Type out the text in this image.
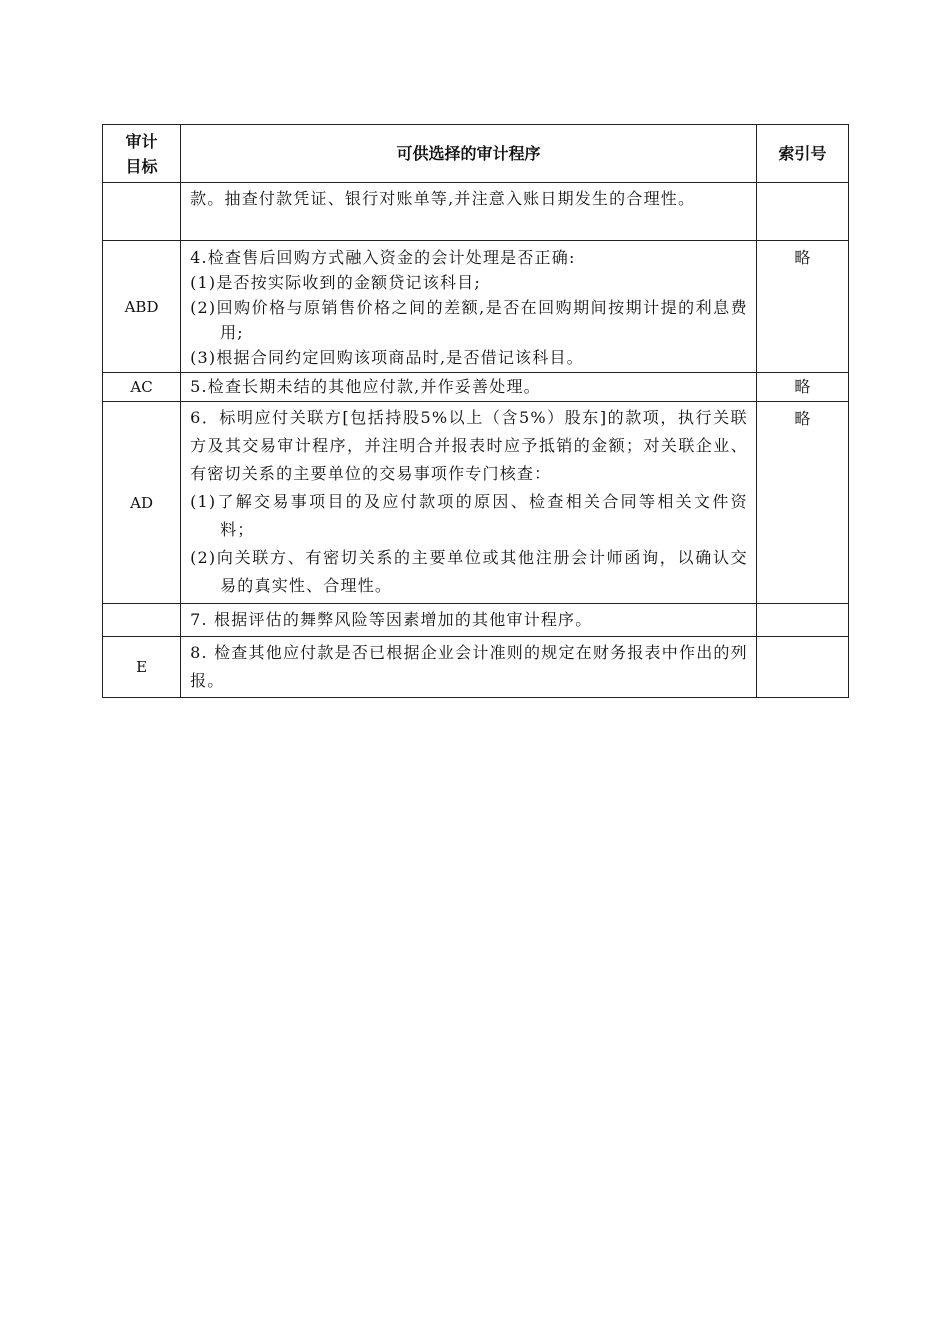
审计
目标	可供选择的审计程序	索引号

	款。抽查付款凭证、银行对账单等,并注意入账日期发生的合理性。	

ABD	4.检查售后回购方式融入资金的会计处理是否正确:
(1)是否按实际收到的金额贷记该科目;
(2)回购价格与原销售价格之间的差额,是否在回购期间按期计提的利息费用;
(3)根据合同约定回购该项商品时,是否借记该科目。	略
AC	5.检查长期未结的其他应付款,并作妥善处理。	略
AD	6．标明应付关联方[包括持股5%以上（含5%）股东]的款项，执行关联方及其交易审计程序，并注明合并报表时应予抵销的金额；对关联企业、有密切关系的主要单位的交易事项作专门核查：
(1)了解交易事项目的及应付款项的原因、检查相关合同等相关文件资料；
(2)向关联方、有密切关系的主要单位或其他注册会计师函询，以确认交易的真实性、合理性。	略

	7. 根据评估的舞弊风险等因素增加的其他审计程序。	

E	8. 检查其他应付款是否已根据企业会计准则的规定在财务报表中作出的列报。	
